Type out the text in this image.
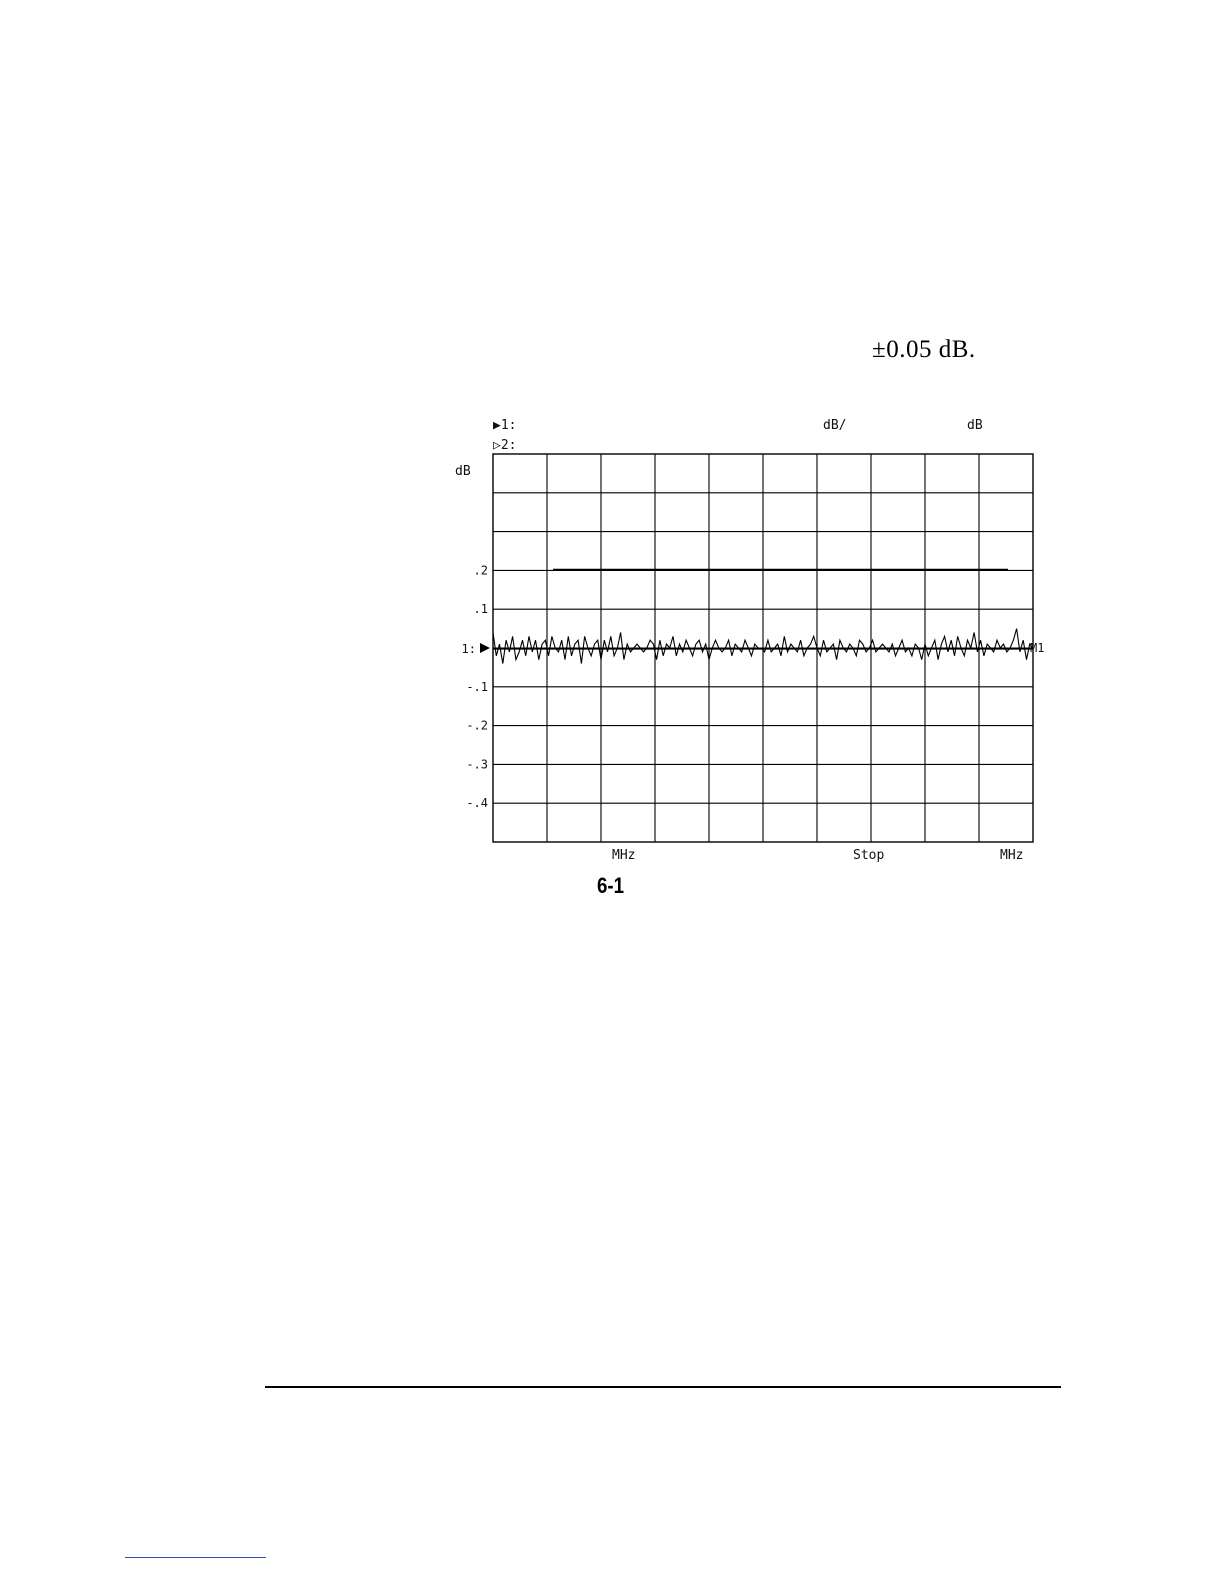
±0.05 dB.
▶1:
▷2:
dB/	dB
dB
.2
.1
-.1
-.2
-.3
-.4
1:	M1
MHz	Stop	MHz
6-1
